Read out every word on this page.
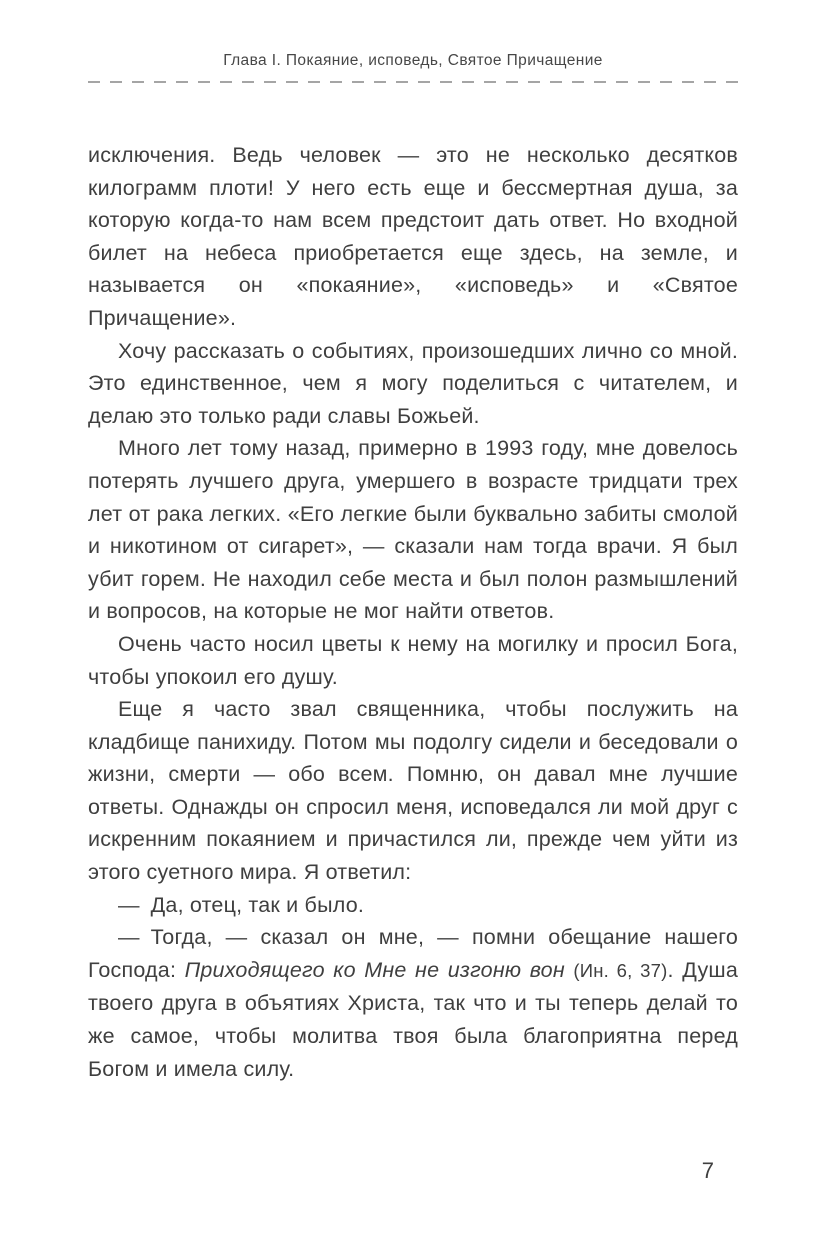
Глава I. Покаяние, исповедь, Святое Причащение

исключения. Ведь человек — это не несколько десятков килограмм плоти! У него есть еще и бессмертная душа, за которую когда-то нам всем предстоит дать ответ. Но входной билет на небеса приобретается еще здесь, на земле, и называется он «покаяние», «исповедь» и «Святое Причащение».

Хочу рассказать о событиях, произошедших лично со мной. Это единственное, чем я могу поделиться с читателем, и делаю это только ради славы Божьей.

Много лет тому назад, примерно в 1993 году, мне довелось потерять лучшего друга, умершего в возрасте тридцати трех лет от рака легких. «Его легкие были буквально забиты смолой и никотином от сигарет», — сказали нам тогда врачи. Я был убит горем. Не находил себе места и был полон размышлений и вопросов, на которые не мог найти ответов.

Очень часто носил цветы к нему на могилку и просил Бога, чтобы упокоил его душу.

Еще я часто звал священника, чтобы послужить на кладбище панихиду. Потом мы подолгу сидели и беседовали о жизни, смерти — обо всем. Помню, он давал мне лучшие ответы. Однажды он спросил меня, исповедался ли мой друг с искренним покаянием и причастился ли, прежде чем уйти из этого суетного мира. Я ответил:

— Да, отец, так и было.

— Тогда, — сказал он мне, — помни обещание нашего Господа: Приходящего ко Мне не изгоню вон (Ин. 6, 37). Душа твоего друга в объятиях Христа, так что и ты теперь делай то же самое, чтобы молитва твоя была благоприятна перед Богом и имела силу.

7
